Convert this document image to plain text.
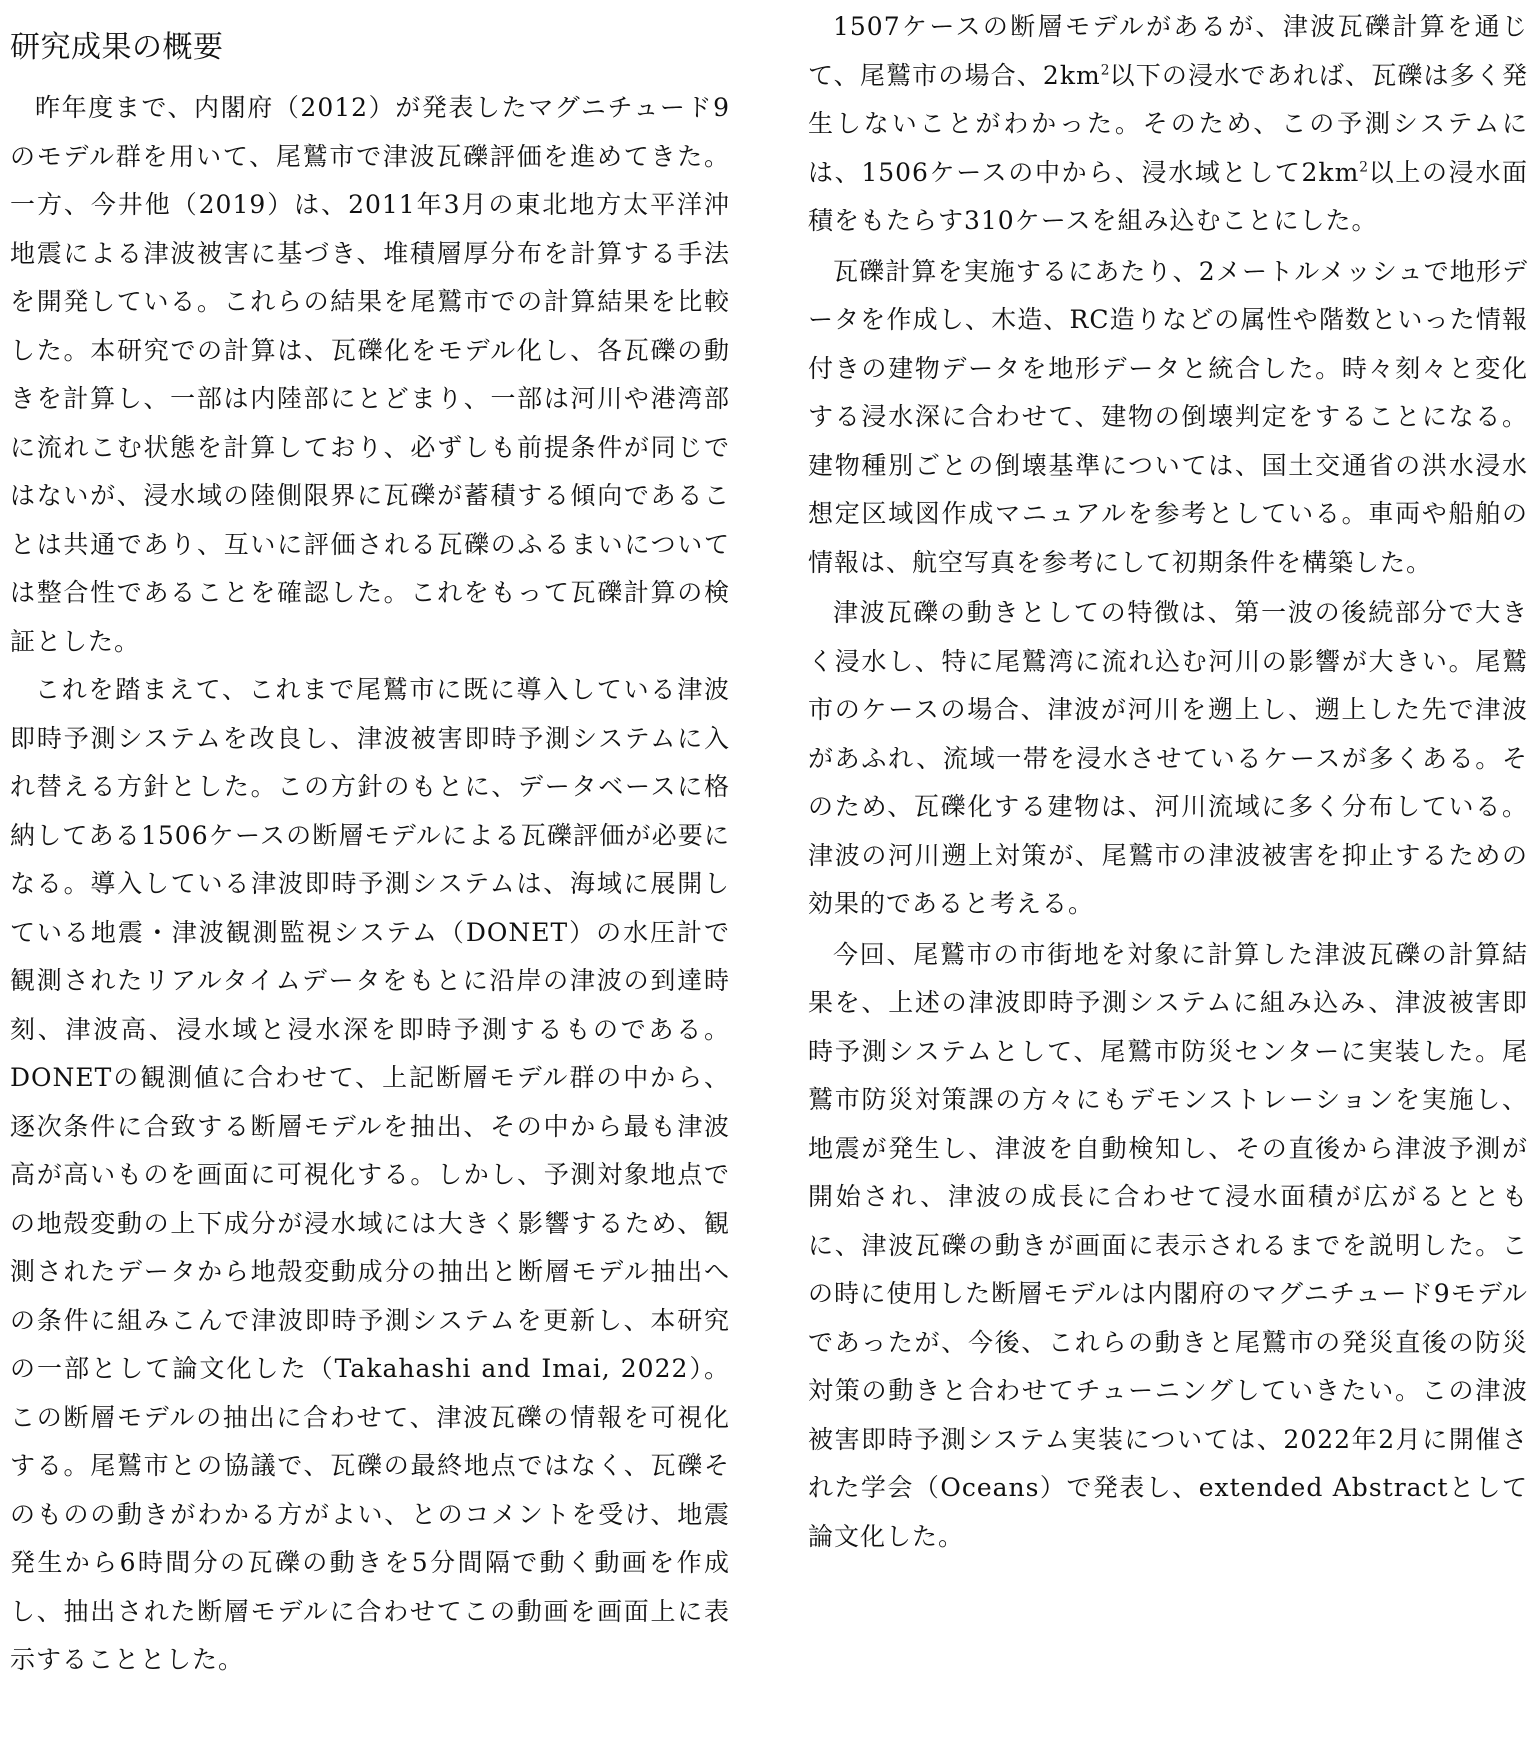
研究成果の概要

昨年度まで、内閣府（2012）が発表したマグニチュード9のモデル群を用いて、尾鷲市で津波瓦礫評価を進めてきた。一方、今井他（2019）は、2011年3月の東北地方太平洋沖地震による津波被害に基づき、堆積層厚分布を計算する手法を開発している。これらの結果を尾鷲市での計算結果を比較した。本研究での計算は、瓦礫化をモデル化し、各瓦礫の動きを計算し、一部は内陸部にとどまり、一部は河川や港湾部に流れこむ状態を計算しており、必ずしも前提条件が同じではないが、浸水域の陸側限界に瓦礫が蓄積する傾向であることは共通であり、互いに評価される瓦礫のふるまいについては整合性であることを確認した。これをもって瓦礫計算の検証とした。

これを踏まえて、これまで尾鷲市に既に導入している津波即時予測システムを改良し、津波被害即時予測システムに入れ替える方針とした。この方針のもとに、データベースに格納してある1506ケースの断層モデルによる瓦礫評価が必要になる。導入している津波即時予測システムは、海域に展開している地震・津波観測監視システム（DONET）の水圧計で観測されたリアルタイムデータをもとに沿岸の津波の到達時刻、津波高、浸水域と浸水深を即時予測するものである。DONETの観測値に合わせて、上記断層モデル群の中から、逐次条件に合致する断層モデルを抽出、その中から最も津波高が高いものを画面に可視化する。しかし、予測対象地点での地殻変動の上下成分が浸水域には大きく影響するため、観測されたデータから地殻変動成分の抽出と断層モデル抽出への条件に組みこんで津波即時予測システムを更新し、本研究の一部として論文化した（Takahashi and Imai, 2022）。この断層モデルの抽出に合わせて、津波瓦礫の情報を可視化する。尾鷲市との協議で、瓦礫の最終地点ではなく、瓦礫そのものの動きがわかる方がよい、とのコメントを受け、地震発生から6時間分の瓦礫の動きを5分間隔で動く動画を作成し、抽出された断層モデルに合わせてこの動画を画面上に表示することとした。

1507ケースの断層モデルがあるが、津波瓦礫計算を通じて、尾鷲市の場合、$2km^2$以下の浸水であれば、瓦礫は多く発生しないことがわかった。そのため、この予測システムには、1506ケースの中から、浸水域として$2km^2$以上の浸水面積をもたらす310ケースを組み込むことにした。

瓦礫計算を実施するにあたり、2メートルメッシュで地形データを作成し、木造、RC造りなどの属性や階数といった情報付きの建物データを地形データと統合した。時々刻々と変化する浸水深に合わせて、建物の倒壊判定をすることになる。建物種別ごとの倒壊基準については、国土交通省の洪水浸水想定区域図作成マニュアルを参考としている。車両や船舶の情報は、航空写真を参考にして初期条件を構築した。

津波瓦礫の動きとしての特徴は、第一波の後続部分で大きく浸水し、特に尾鷲湾に流れ込む河川の影響が大きい。尾鷲市のケースの場合、津波が河川を遡上し、遡上した先で津波があふれ、流域一帯を浸水させているケースが多くある。そのため、瓦礫化する建物は、河川流域に多く分布している。津波の河川遡上対策が、尾鷲市の津波被害を抑止するための効果的であると考える。

今回、尾鷲市の市街地を対象に計算した津波瓦礫の計算結果を、上述の津波即時予測システムに組み込み、津波被害即時予測システムとして、尾鷲市防災センターに実装した。尾鷲市防災対策課の方々にもデモンストレーションを実施し、地震が発生し、津波を自動検知し、その直後から津波予測が開始され、津波の成長に合わせて浸水面積が広がるとともに、津波瓦礫の動きが画面に表示されるまでを説明した。この時に使用した断層モデルは内閣府のマグニチュード9モデルであったが、今後、これらの動きと尾鷲市の発災直後の防災対策の動きと合わせてチューニングしていきたい。この津波被害即時予測システム実装については、2022年2月に開催された学会（Oceans）で発表し、extended Abstractとして論文化した。
